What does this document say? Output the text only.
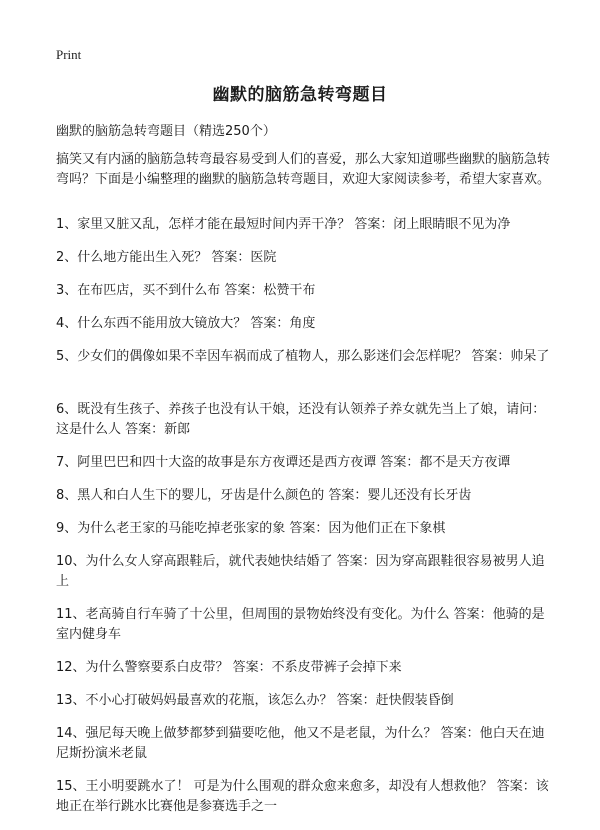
Print
幽默的脑筋急转弯题目

幽默的脑筋急转弯题目（精选250个）

搞笑又有内涵的脑筋急转弯最容易受到人们的喜爱，那么大家知道哪些幽默的脑筋急转弯吗？下面是小编整理的幽默的脑筋急转弯题目，欢迎大家阅读参考，希望大家喜欢。

1、家里又脏又乱，怎样才能在最短时间内弄干净？ 答案：闭上眼睛眼不见为净
2、什么地方能出生入死？ 答案：医院
3、在布匹店，买不到什么布 答案：松赞干布
4、什么东西不能用放大镜放大？ 答案：角度
5、少女们的偶像如果不幸因车祸而成了植物人，那么影迷们会怎样呢？ 答案：帅呆了
6、既没有生孩子、养孩子也没有认干娘，还没有认领养子养女就先当上了娘，请问：这是什么人 答案：新郎
7、阿里巴巴和四十大盗的故事是东方夜谭还是西方夜谭 答案：都不是天方夜谭
8、黑人和白人生下的婴儿，牙齿是什么颜色的 答案：婴儿还没有长牙齿
9、为什么老王家的马能吃掉老张家的象 答案：因为他们正在下象棋
10、为什么女人穿高跟鞋后，就代表她快结婚了 答案：因为穿高跟鞋很容易被男人追上
11、老高骑自行车骑了十公里，但周围的景物始终没有变化。为什么 答案：他骑的是室内健身车
12、为什么警察要系白皮带？ 答案：不系皮带裤子会掉下来
13、不小心打破妈妈最喜欢的花瓶，该怎么办？ 答案：赶快假装昏倒
14、强尼每天晚上做梦都梦到猫要吃他，他又不是老鼠，为什么？ 答案：他白天在迪尼斯扮演米老鼠
15、王小明要跳水了！ 可是为什么围观的群众愈来愈多，却没有人想救他？ 答案：该地正在举行跳水比赛他是参赛选手之一
